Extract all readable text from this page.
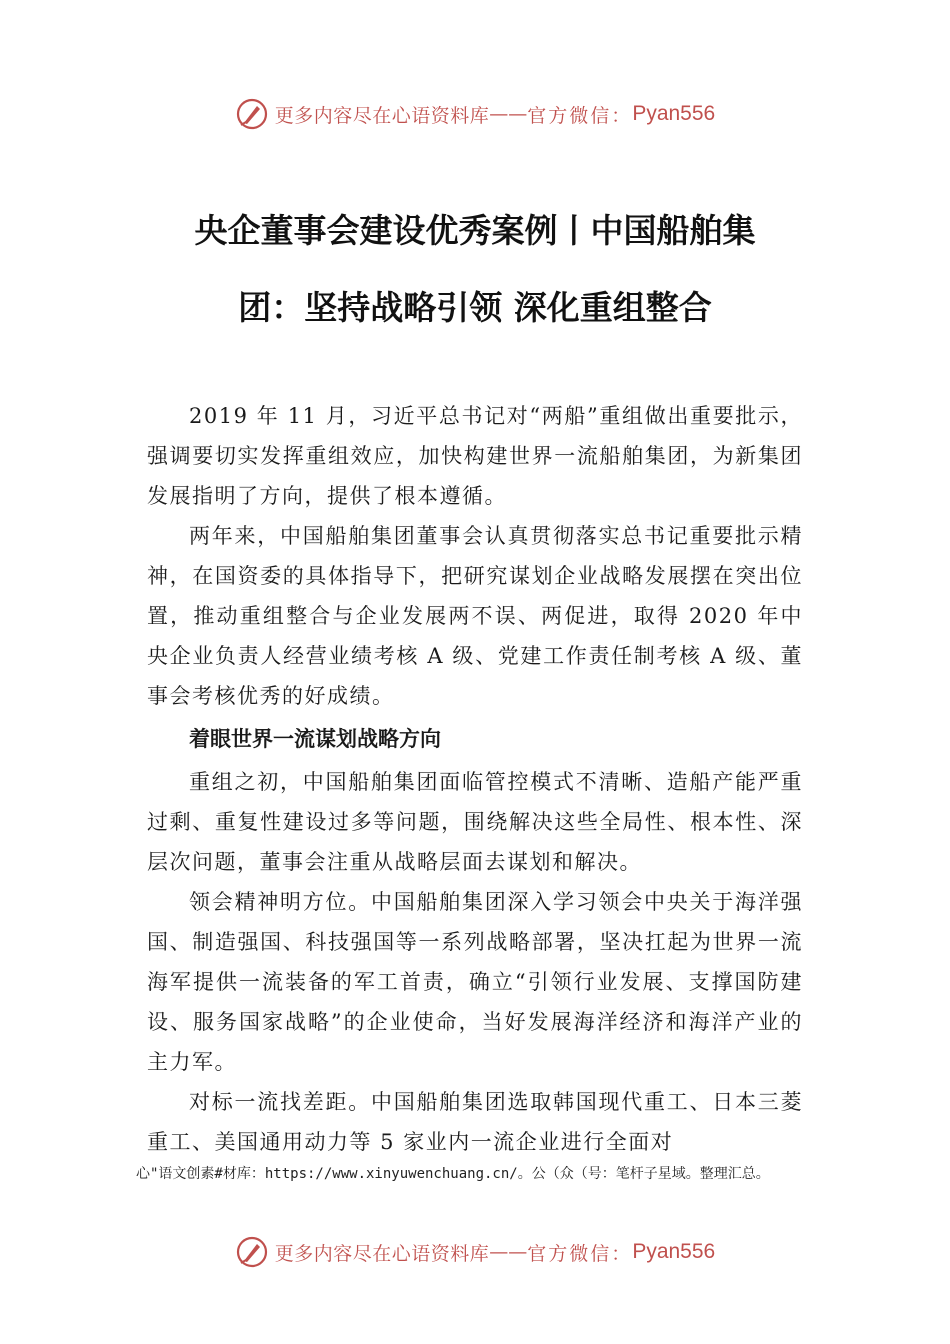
更多内容尽在心语资料库 —— 官方微信： Pyan556
央企董事会建设优秀案例丨中国船舶集
团：坚持战略引领 深化重组整合

2019 年 11 月，习近平总书记对“两船”重组做出重要批示，强调要切实发挥重组效应，加快构建世界一流船舶集团，为新集团发展指明了方向，提供了根本遵循。

两年来，中国船舶集团董事会认真贯彻落实总书记重要批示精神，在国资委的具体指导下，把研究谋划企业战略发展摆在突出位置，推动重组整合与企业发展两不误、两促进，取得 2020 年中央企业负责人经营业绩考核 A 级、党建工作责任制考核 A 级、董事会考核优秀的好成绩。

着眼世界一流谋划战略方向

重组之初，中国船舶集团面临管控模式不清晰、造船产能严重过剩、重复性建设过多等问题，围绕解决这些全局性、根本性、深层次问题，董事会注重从战略层面去谋划和解决。

领会精神明方位。中国船舶集团深入学习领会中央关于海洋强国、制造强国、科技强国等一系列战略部署，坚决扛起为世界一流海军提供一流装备的军工首责，确立“引领行业发展、支撑国防建设、服务国家战略”的企业使命，当好发展海洋经济和海洋产业的主力军。

对标一流找差距。中国船舶集团选取韩国现代重工、日本三菱重工、美国通用动力等 5 家业内一流企业进行全面对

心"语文创素#材库：https://www.xinyuwenchuang.cn/。公（众（号：笔杆子星域。整理汇总。
更多内容尽在心语资料库 —— 官方微信： Pyan556
